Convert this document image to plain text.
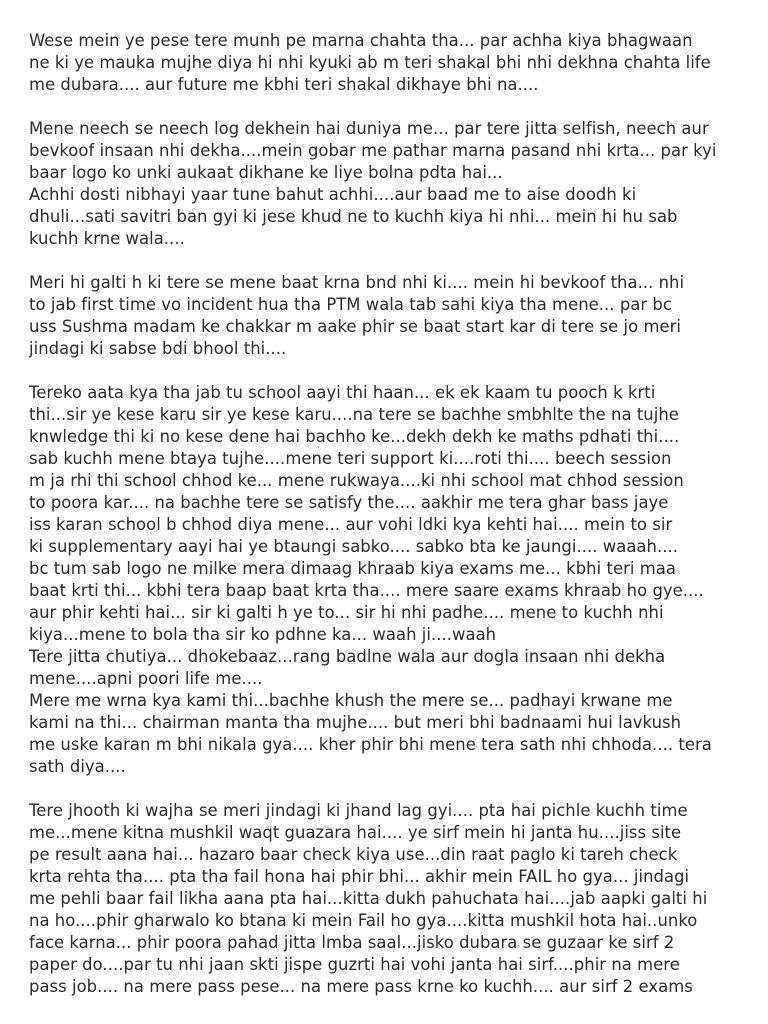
Wese mein ye pese tere munh pe marna chahta tha... par achha kiya bhagwaan
ne ki ye mauka mujhe diya hi nhi kyuki ab m teri shakal bhi nhi dekhna chahta life
me dubara.... aur future me kbhi teri shakal dikhaye bhi na....
Mene neech se neech log dekhein hai duniya me... par tere jitta selfish, neech aur
bevkoof insaan nhi dekha....mein gobar me pathar marna pasand nhi krta... par kyi
baar logo ko unki aukaat dikhane ke liye bolna pdta hai...
Achhi dosti nibhayi yaar tune bahut achhi....aur baad me to aise doodh ki
dhuli...sati savitri ban gyi ki jese khud ne to kuchh kiya hi nhi... mein hi hu sab
kuchh krne wala....
Meri hi galti h ki tere se mene baat krna bnd nhi ki.... mein hi bevkoof tha... nhi
to jab first time vo incident hua tha PTM wala tab sahi kiya tha mene... par bc
uss Sushma madam ke chakkar m aake phir se baat start kar di tere se jo meri
jindagi ki sabse bdi bhool thi....
Tereko aata kya tha jab tu school aayi thi haan... ek ek kaam tu pooch k krti
thi...sir ye kese karu sir ye kese karu....na tere se bachhe smbhlte the na tujhe
knwledge thi ki no kese dene hai bachho ke...dekh dekh ke maths pdhati thi....
sab kuchh mene btaya tujhe....mene teri support ki....roti thi.... beech session
m ja rhi thi school chhod ke... mene rukwaya....ki nhi school mat chhod session
to poora kar.... na bachhe tere se satisfy the.... aakhir me tera ghar bass jaye
iss karan school b chhod diya mene... aur vohi ldki kya kehti hai.... mein to sir
ki supplementary aayi hai ye btaungi sabko.... sabko bta ke jaungi.... waaah....
bc tum sab logo ne milke mera dimaag khraab kiya exams me... kbhi teri maa
baat krti thi... kbhi tera baap baat krta tha.... mere saare exams khraab ho gye....
aur phir kehti hai... sir ki galti h ye to... sir hi nhi padhe.... mene to kuchh nhi
kiya...mene to bola tha sir ko pdhne ka... waah ji....waah
Tere jitta chutiya... dhokebaaz...rang badlne wala aur dogla insaan nhi dekha
mene....apni poori life me....
Mere me wrna kya kami thi...bachhe khush the mere se... padhayi krwane me
kami na thi... chairman manta tha mujhe.... but meri bhi badnaami hui lavkush
me uske karan m bhi nikala gya.... kher phir bhi mene tera sath nhi chhoda.... tera
sath diya....
Tere jhooth ki wajha se meri jindagi ki jhand lag gyi.... pta hai pichle kuchh time
me...mene kitna mushkil waqt guazara hai.... ye sirf mein hi janta hu....jiss site
pe result aana hai... hazaro baar check kiya use...din raat paglo ki tareh check
krta rehta tha.... pta tha fail hona hai phir bhi... akhir mein FAIL ho gya... jindagi
me pehli baar fail likha aana pta hai...kitta dukh pahuchata hai....jab aapki galti hi
na ho....phir gharwalo ko btana ki mein Fail ho gya....kitta mushkil hota hai..unko
face karna... phir poora pahad jitta lmba saal...jisko dubara se guzaar ke sirf 2
paper do....par tu nhi jaan skti jispe guzrti hai vohi janta hai sirf....phir na mere
pass job.... na mere pass pese... na mere pass krne ko kuchh.... aur sirf 2 exams
